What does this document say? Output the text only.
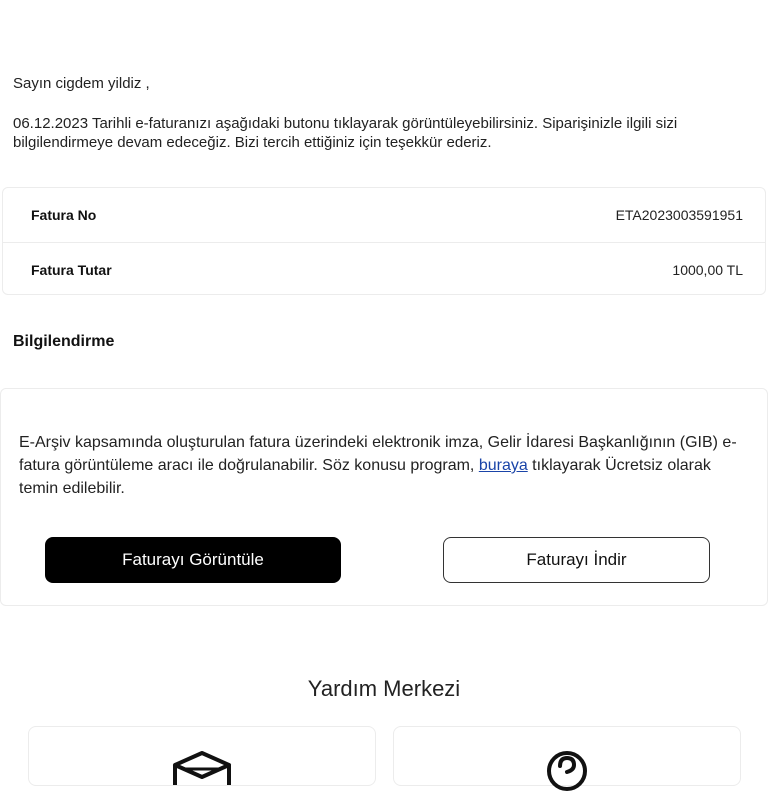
Sayın cigdem yildiz ,
06.12.2023 Tarihli e-faturanızı aşağıdaki butonu tıklayarak görüntüleyebilirsiniz. Siparişinizle ilgili sizi bilgilendirmeye devam edeceğiz. Bizi tercih ettiğiniz için teşekkür ederiz.
Fatura No	ETA2023003591951
Fatura Tutar	1000,00 TL
Bilgilendirme
E-Arşiv kapsamında oluşturulan fatura üzerindeki elektronik imza, Gelir İdaresi Başkanlığının (GIB) e-fatura görüntüleme aracı ile doğrulanabilir. Söz konusu program, buraya tıklayarak Ücretsiz olarak temin edilebilir.
Faturayı Görüntüle	Faturayı İndir
Yardım Merkezi
